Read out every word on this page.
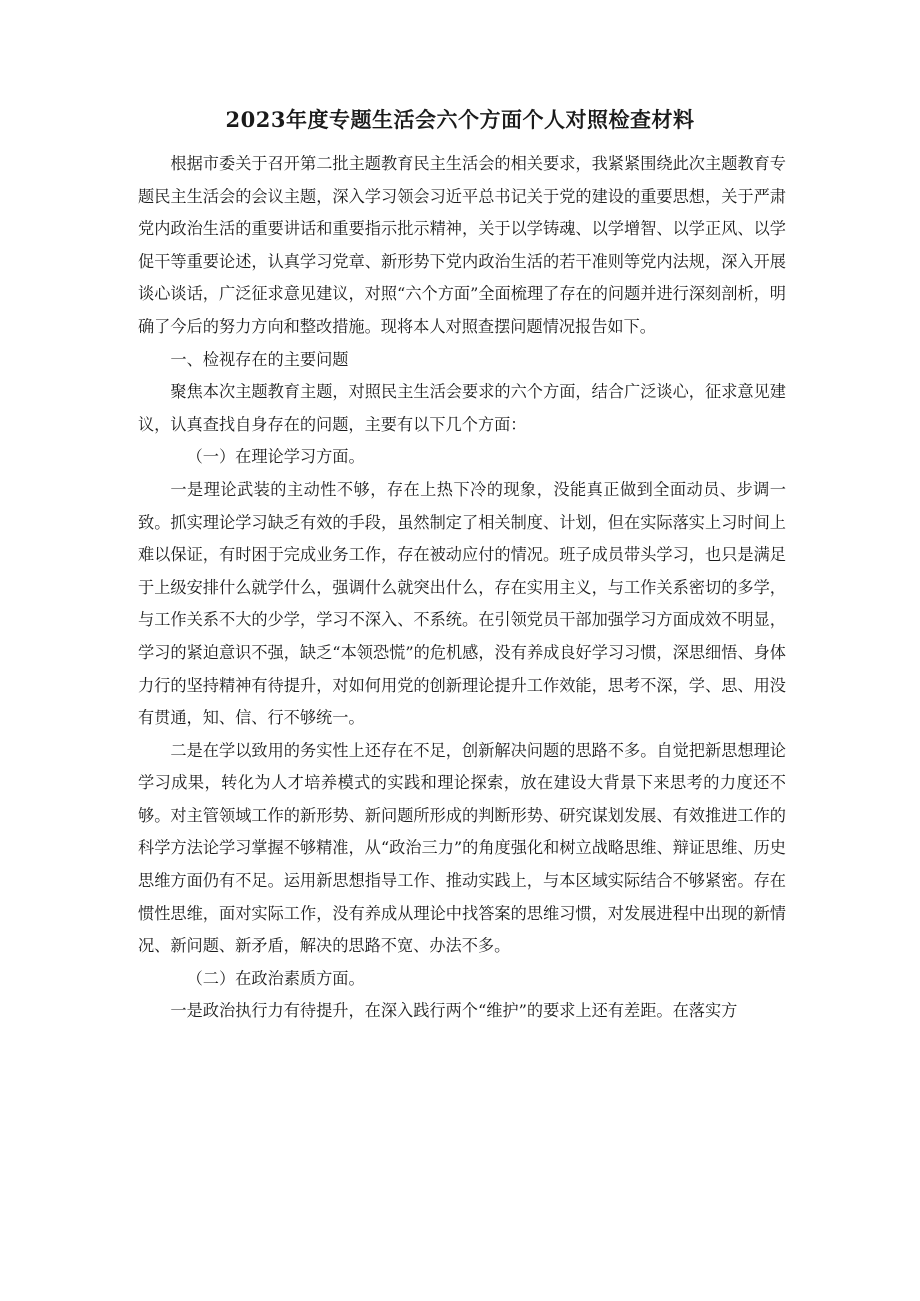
2023年度专题生活会六个方面个人对照检查材料

根据市委关于召开第二批主题教育民主生活会的相关要求，我紧紧围绕此次主题教育专题民主生活会的会议主题，深入学习领会习近平总书记关于党的建设的重要思想，关于严肃党内政治生活的重要讲话和重要指示批示精神，关于以学铸魂、以学增智、以学正风、以学促干等重要论述，认真学习党章、新形势下党内政治生活的若干准则等党内法规，深入开展谈心谈话，广泛征求意见建议，对照“六个方面”全面梳理了存在的问题并进行深刻剖析，明确了今后的努力方向和整改措施。现将本人对照查摆问题情况报告如下。

一、检视存在的主要问题

聚焦本次主题教育主题，对照民主生活会要求的六个方面，结合广泛谈心，征求意见建议，认真查找自身存在的问题，主要有以下几个方面：

（一）在理论学习方面。

一是理论武装的主动性不够，存在上热下冷的现象，没能真正做到全面动员、步调一致。抓实理论学习缺乏有效的手段，虽然制定了相关制度、计划，但在实际落实上习时间上难以保证，有时困于完成业务工作，存在被动应付的情况。班子成员带头学习，也只是满足于上级安排什么就学什么，强调什么就突出什么，存在实用主义，与工作关系密切的多学，与工作关系不大的少学，学习不深入、不系统。在引领党员干部加强学习方面成效不明显，学习的紧迫意识不强，缺乏“本领恐慌”的危机感，没有养成良好学习习惯，深思细悟、身体力行的坚持精神有待提升，对如何用党的创新理论提升工作效能，思考不深，学、思、用没有贯通，知、信、行不够统一。

二是在学以致用的务实性上还存在不足，创新解决问题的思路不多。自觉把新思想理论学习成果，转化为人才培养模式的实践和理论探索，放在建设大背景下来思考的力度还不够。对主管领域工作的新形势、新问题所形成的判断形势、研究谋划发展、有效推进工作的科学方法论学习掌握不够精准，从“政治三力”的角度强化和树立战略思维、辩证思维、历史思维方面仍有不足。运用新思想指导工作、推动实践上，与本区域实际结合不够紧密。存在惯性思维，面对实际工作，没有养成从理论中找答案的思维习惯，对发展进程中出现的新情况、新问题、新矛盾，解决的思路不宽、办法不多。

（二）在政治素质方面。

一是政治执行力有待提升，在深入践行两个“维护”的要求上还有差距。在落实方
